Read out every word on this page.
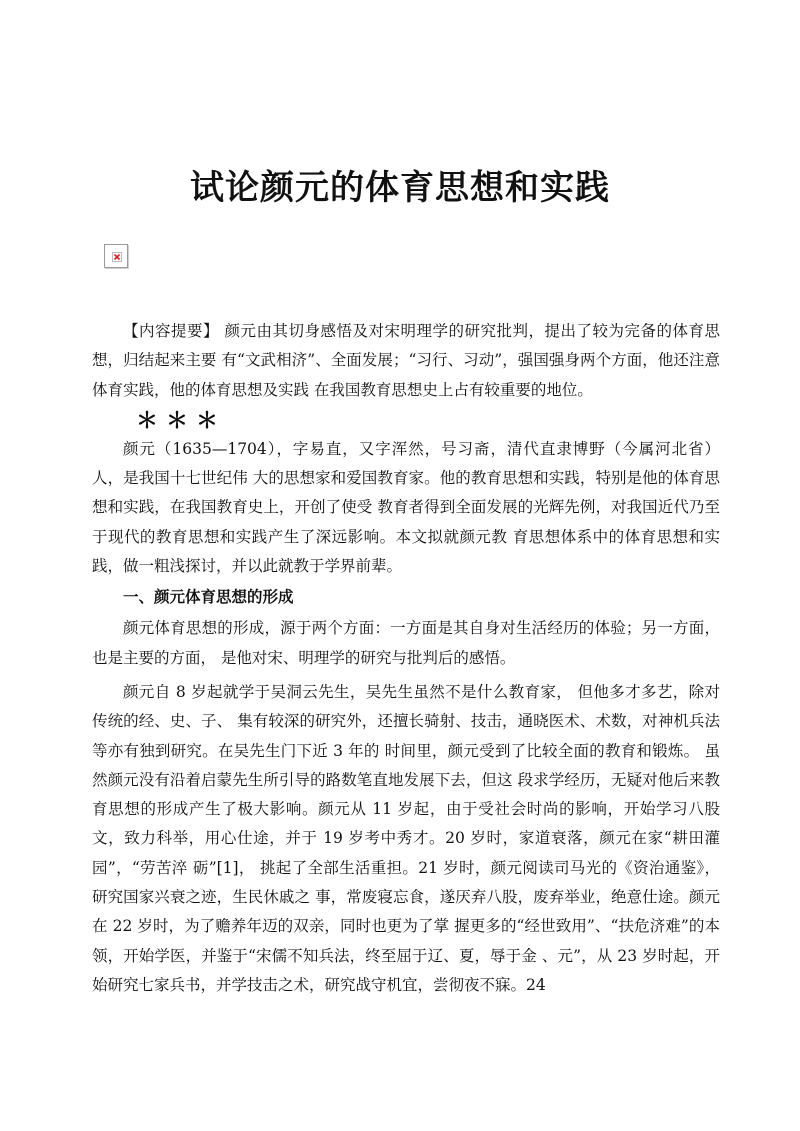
试论颜元的体育思想和实践

【内容提要】 颜元由其切身感悟及对宋明理学的研究批判，提出了较为完备的体育思想，归结起来主要 有“文武相济”、全面发展；“习行、习动”，强国强身两个方面，他还注意体育实践，他的体育思想及实践 在我国教育思想史上占有较重要的地位。

＊＊＊

颜元（1635—1704），字易直，又字浑然，号习斋，清代直隶博野（今属河北省）人，是我国十七世纪伟 大的思想家和爱国教育家。他的教育思想和实践，特别是他的体育思想和实践，在我国教育史上，开创了使受 教育者得到全面发展的光辉先例，对我国近代乃至于现代的教育思想和实践产生了深远影响。本文拟就颜元教 育思想体系中的体育思想和实践，做一粗浅探讨，并以此就教于学界前辈。

一、颜元体育思想的形成

颜元体育思想的形成，源于两个方面：一方面是其自身对生活经历的体验；另一方面，也是主要的方面， 是他对宋、明理学的研究与批判后的感悟。

颜元自 8 岁起就学于吴洞云先生，吴先生虽然不是什么教育家， 但他多才多艺，除对传统的经、史、子、 集有较深的研究外，还擅长骑射、技击，通晓医术、术数，对神机兵法等亦有独到研究。在吴先生门下近 3 年的 时间里，颜元受到了比较全面的教育和锻炼。 虽然颜元没有沿着启蒙先生所引导的路数笔直地发展下去，但这 段求学经历，无疑对他后来教育思想的形成产生了极大影响。颜元从 11 岁起，由于受社会时尚的影响，开始学习八股文，致力科举，用心仕途，并于 19 岁考中秀才。20 岁时，家道衰落，颜元在家“耕田灌园”，“劳苦淬 砺”[1]， 挑起了全部生活重担。21 岁时，颜元阅读司马光的《资治通鉴》，研究国家兴衰之迹，生民休戚之 事，常废寝忘食，遂厌弃八股，废弃举业，绝意仕途。颜元在 22 岁时，为了赡养年迈的双亲，同时也更为了掌 握更多的“经世致用”、“扶危济难”的本领，开始学医，并鉴于“宋儒不知兵法，终至屈于辽、夏，辱于金 、元”，从 23 岁时起，开始研究七家兵书，并学技击之术，研究战守机宜，尝彻夜不寐。24
